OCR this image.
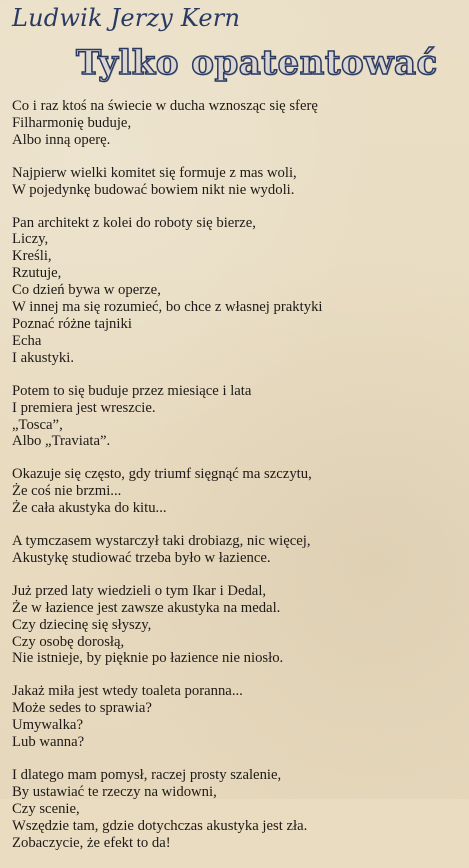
Ludwik Jerzy Kern
Tylko opatentować
Co i raz ktoś na świecie w ducha wznosząc się sferę
Filharmonię buduje,
Albo inną operę.
Najpierw wielki komitet się formuje z mas woli,
W pojedynkę budować bowiem nikt nie wydoli.
Pan architekt z kolei do roboty się bierze,
Liczy,
Kreśli,
Rzutuje,
Co dzień bywa w operze,
W innej ma się rozumieć, bo chce z własnej praktyki
Poznać różne tajniki
Echa
I akustyki.
Potem to się buduje przez miesiące i lata
I premiera jest wreszcie.
„Tosca”,
Albo „Traviata”.
Okazuje się często, gdy triumf sięgnąć ma szczytu,
Że coś nie brzmi...
Że cała akustyka do kitu...
A tymczasem wystarczył taki drobiazg, nic więcej,
Akustykę studiować trzeba było w łazience.
Już przed laty wiedzieli o tym Ikar i Dedal,
Że w łazience jest zawsze akustyka na medal.
Czy dziecinę się słyszy,
Czy osobę dorosłą,
Nie istnieje, by pięknie po łazience nie niosło.
Jakaż miła jest wtedy toaleta poranna...
Może sedes to sprawia?
Umywalka?
Lub wanna?
I dlatego mam pomysł, raczej prosty szalenie,
By ustawiać te rzeczy na widowni,
Czy scenie,
Wszędzie tam, gdzie dotychczas akustyka jest zła.
Zobaczycie, że efekt to da!
